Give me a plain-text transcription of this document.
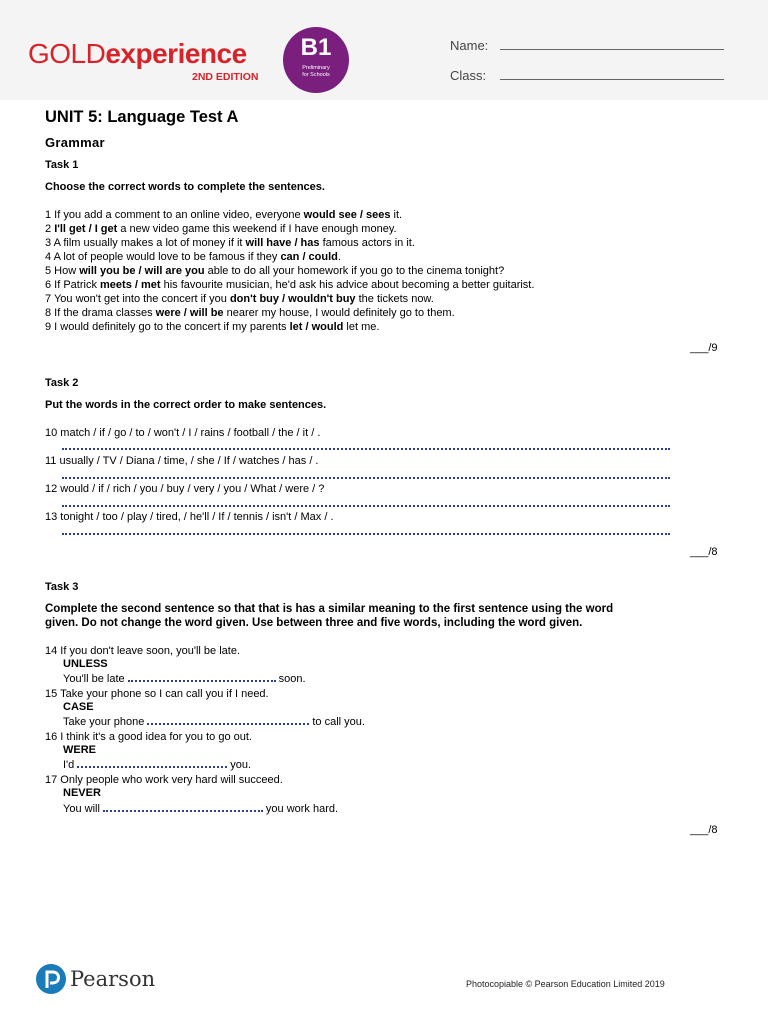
GOLDexperience
2ND EDITION
B1
Preliminary
for Schools
Name:
Class:
UNIT 5: Language Test A
Grammar
Task 1
Choose the correct words to complete the sentences.
1 If you add a comment to an online video, everyone would see / sees it.
2 I'll get / I get a new video game this weekend if I have enough money.
3 A film usually makes a lot of money if it will have / has famous actors in it.
4 A lot of people would love to be famous if they can / could.
5 How will you be / will are you able to do all your homework if you go to the cinema tonight?
6 If Patrick meets / met his favourite musician, he'd ask his advice about becoming a better guitarist.
7 You won't get into the concert if you don't buy / wouldn't buy the tickets now.
8 If the drama classes were / will be nearer my house, I would definitely go to them.
9 I would definitely go to the concert if my parents let / would let me.
___/9
Task 2
Put the words in the correct order to make sentences.
10 match / if / go / to / won't / I / rains / football / the / it / .
11 usually / TV / Diana / time, / she / If / watches / has / .
12 would / if / rich / you / buy / very / you / What / were / ?
13 tonight / too / play / tired, / he'll / If / tennis / isn't / Max / .
___/8
Task 3
Complete the second sentence so that that is has a similar meaning to the first sentence using the word
given. Do not change the word given. Use between three and five words, including the word given.
14 If you don't leave soon, you'll be late.
UNLESS
You'll be late	soon.
15 Take your phone so I can call you if I need.
CASE
Take your phone	to call you.
16 I think it's a good idea for you to go out.
WERE
I'd	you.
17 Only people who work very hard will succeed.
NEVER
You will	you work hard.
___/8
Pearson	Photocopiable © Pearson Education Limited 2019
